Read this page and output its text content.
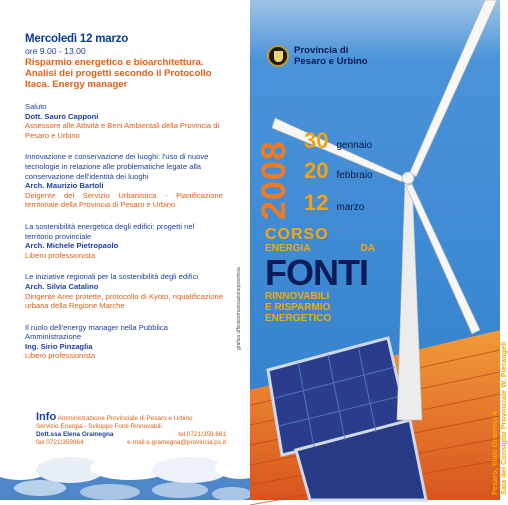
Mercoledì 12 marzo
ore 9.00 - 13.00
Risparmio energetico e bioarchitettura. Analisi dei progetti secondo il Protocollo Itaca. Energy manager
Saluto
Dott. Sauro Capponi
Assessore alle Attività e Beni Ambientali della Provincia di Pesaro e Urbino
Innovazione e conservazione dei luoghi: l'uso di nuove tecnologie in relazione alle problematiche legate alla conservazione dell'identità dei luoghi
Arch. Maurizio Bartoli
Dirigente del Servizio Urbanistica - Pianificazione territoriale della Provincia di Pesaro e Urbino
La sostenibilità energetica degli edifici: progetti nel territorio provinciale
Arch. Michele Pietropaolo
Libero professionista
Le iniziative regionali per la sostenibilità degli edifici
Arch. Silvia Catalino
Dirigente Aree protette, protocollo di Kyoto, riqualificazione urbana della Regione Marche
Il ruolo dell'energy manager nella Pubblica Amministrazione
Ing. Sirio Pinzaglia
Libero professionista
Info Amministrazione Provinciale di Pesaro e Urbino
Servizio Energia - Sviluppo Fonti Rinnovabili
Dott.ssa Elena Gramegna	tel.0721/359.661

fax 0721/359964	e-mail:e.gramegna@provincia.ps.it
grafica ufficiocomunicazioneprovincia
Provincia di
Pesaro e Urbino
2008 30 gennaio
20 febbraio
12 marzo
CORSO
ENERGIA	DA
FONTI
RINNOVABILI
E RISPARMIO
ENERGETICO
Pesaro, Viale Gramsci 4 Sala del Consiglio Provinciale W. Pierangeli
